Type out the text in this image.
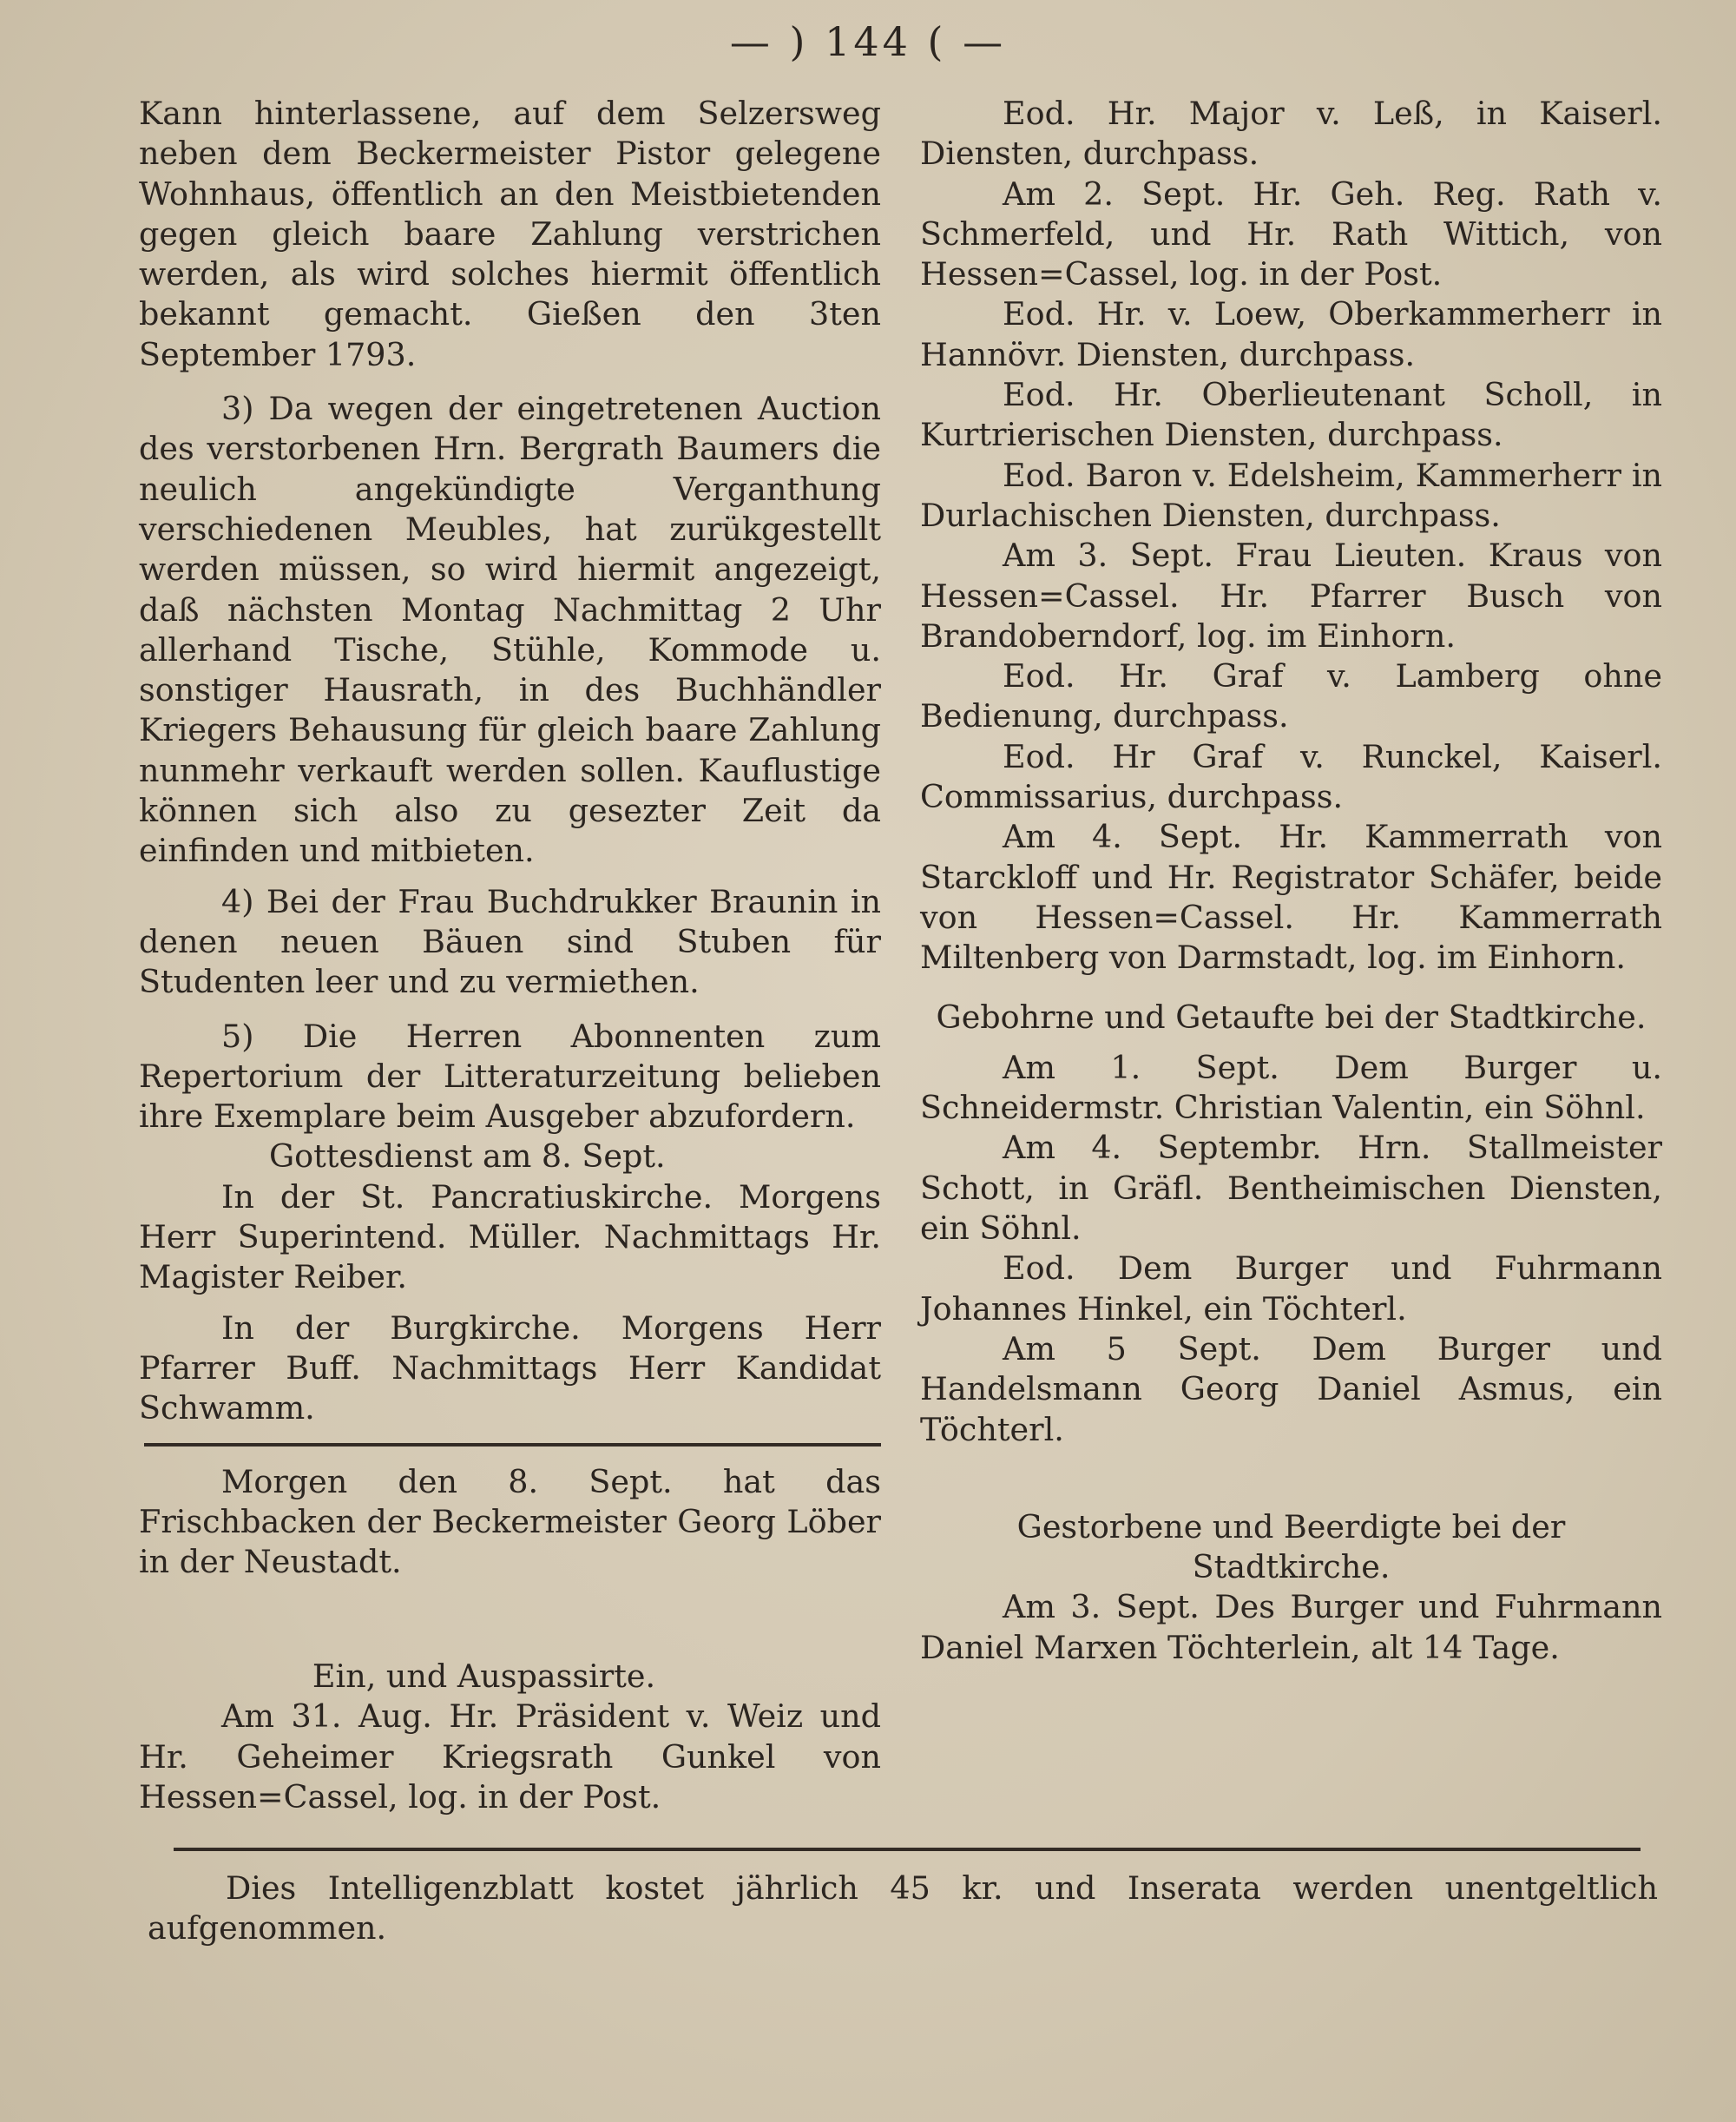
— ) 144 ( —

Kann hinterlassene, auf dem Selzersweg neben dem Beckermeister Pistor gelegene Wohnhaus, öffentlich an den Meistbietenden gegen gleich baare Zahlung verstrichen werden, als wird solches hiermit öffentlich bekannt gemacht. Gießen den 3ten September 1793.

3) Da wegen der eingetretenen Auction des verstorbenen Hrn. Bergrath Baumers die neulich angekündigte Verganthung verschiedenen Meubles, hat zurükgestellt werden müssen, so wird hiermit angezeigt, daß nächsten Montag Nachmittag 2 Uhr allerhand Tische, Stühle, Kommode u. sonstiger Hausrath, in des Buchhändler Kriegers Behausung für gleich baare Zahlung nunmehr verkauft werden sollen. Kauflustige können sich also zu gesezter Zeit da einfinden und mitbieten.

4) Bei der Frau Buchdrukker Braunin in denen neuen Bäuen sind Stuben für Studenten leer und zu vermiethen.

5) Die Herren Abonnenten zum Repertorium der Litteraturzeitung belieben ihre Exemplare beim Ausgeber abzufordern.

Gottesdienst am 8. Sept.

In der St. Pancratiuskirche. Morgens Herr Superintend. Müller. Nachmittags Hr. Magister Reiber.

In der Burgkirche. Morgens Herr Pfarrer Buff. Nachmittags Herr Kandidat Schwamm.

Morgen den 8. Sept. hat das Frischbacken der Beckermeister Georg Löber in der Neustadt.

Ein, und Auspassirte.

Am 31. Aug. Hr. Präsident v. Weiz und Hr. Geheimer Kriegsrath Gunkel von Hessen=Cassel, log. in der Post.

Eod. Hr. Major v. Leß, in Kaiserl. Diensten, durchpass.

Am 2. Sept. Hr. Geh. Reg. Rath v. Schmerfeld, und Hr. Rath Wittich, von Hessen=Cassel, log. in der Post.

Eod. Hr. v. Loew, Oberkammerherr in Hannövr. Diensten, durchpass.

Eod. Hr. Oberlieutenant Scholl, in Kurtrierischen Diensten, durchpass.

Eod. Baron v. Edelsheim, Kammerherr in Durlachischen Diensten, durchpass.

Am 3. Sept. Frau Lieuten. Kraus von Hessen=Cassel. Hr. Pfarrer Busch von Brandoberndorf, log. im Einhorn.

Eod. Hr. Graf v. Lamberg ohne Bedienung, durchpass.

Eod. Hr Graf v. Runckel, Kaiserl. Commissarius, durchpass.

Am 4. Sept. Hr. Kammerrath von Starckloff und Hr. Registrator Schäfer, beide von Hessen=Cassel. Hr. Kammerrath Miltenberg von Darmstadt, log. im Einhorn.

Gebohrne und Getaufte bei der Stadtkirche.

Am 1. Sept. Dem Burger u. Schneidermstr. Christian Valentin, ein Söhnl.

Am 4. Septembr. Hrn. Stallmeister Schott, in Gräfl. Bentheimischen Diensten, ein Söhnl.

Eod. Dem Burger und Fuhrmann Johannes Hinkel, ein Töchterl.

Am 5 Sept. Dem Burger und Handelsmann Georg Daniel Asmus, ein Töchterl.

Gestorbene und Beerdigte bei der Stadtkirche.

Am 3. Sept. Des Burger und Fuhrmann Daniel Marxen Töchterlein, alt 14 Tage.

Dies Intelligenzblatt kostet jährlich 45 kr. und Inserata werden unentgeltlich aufgenommen.
